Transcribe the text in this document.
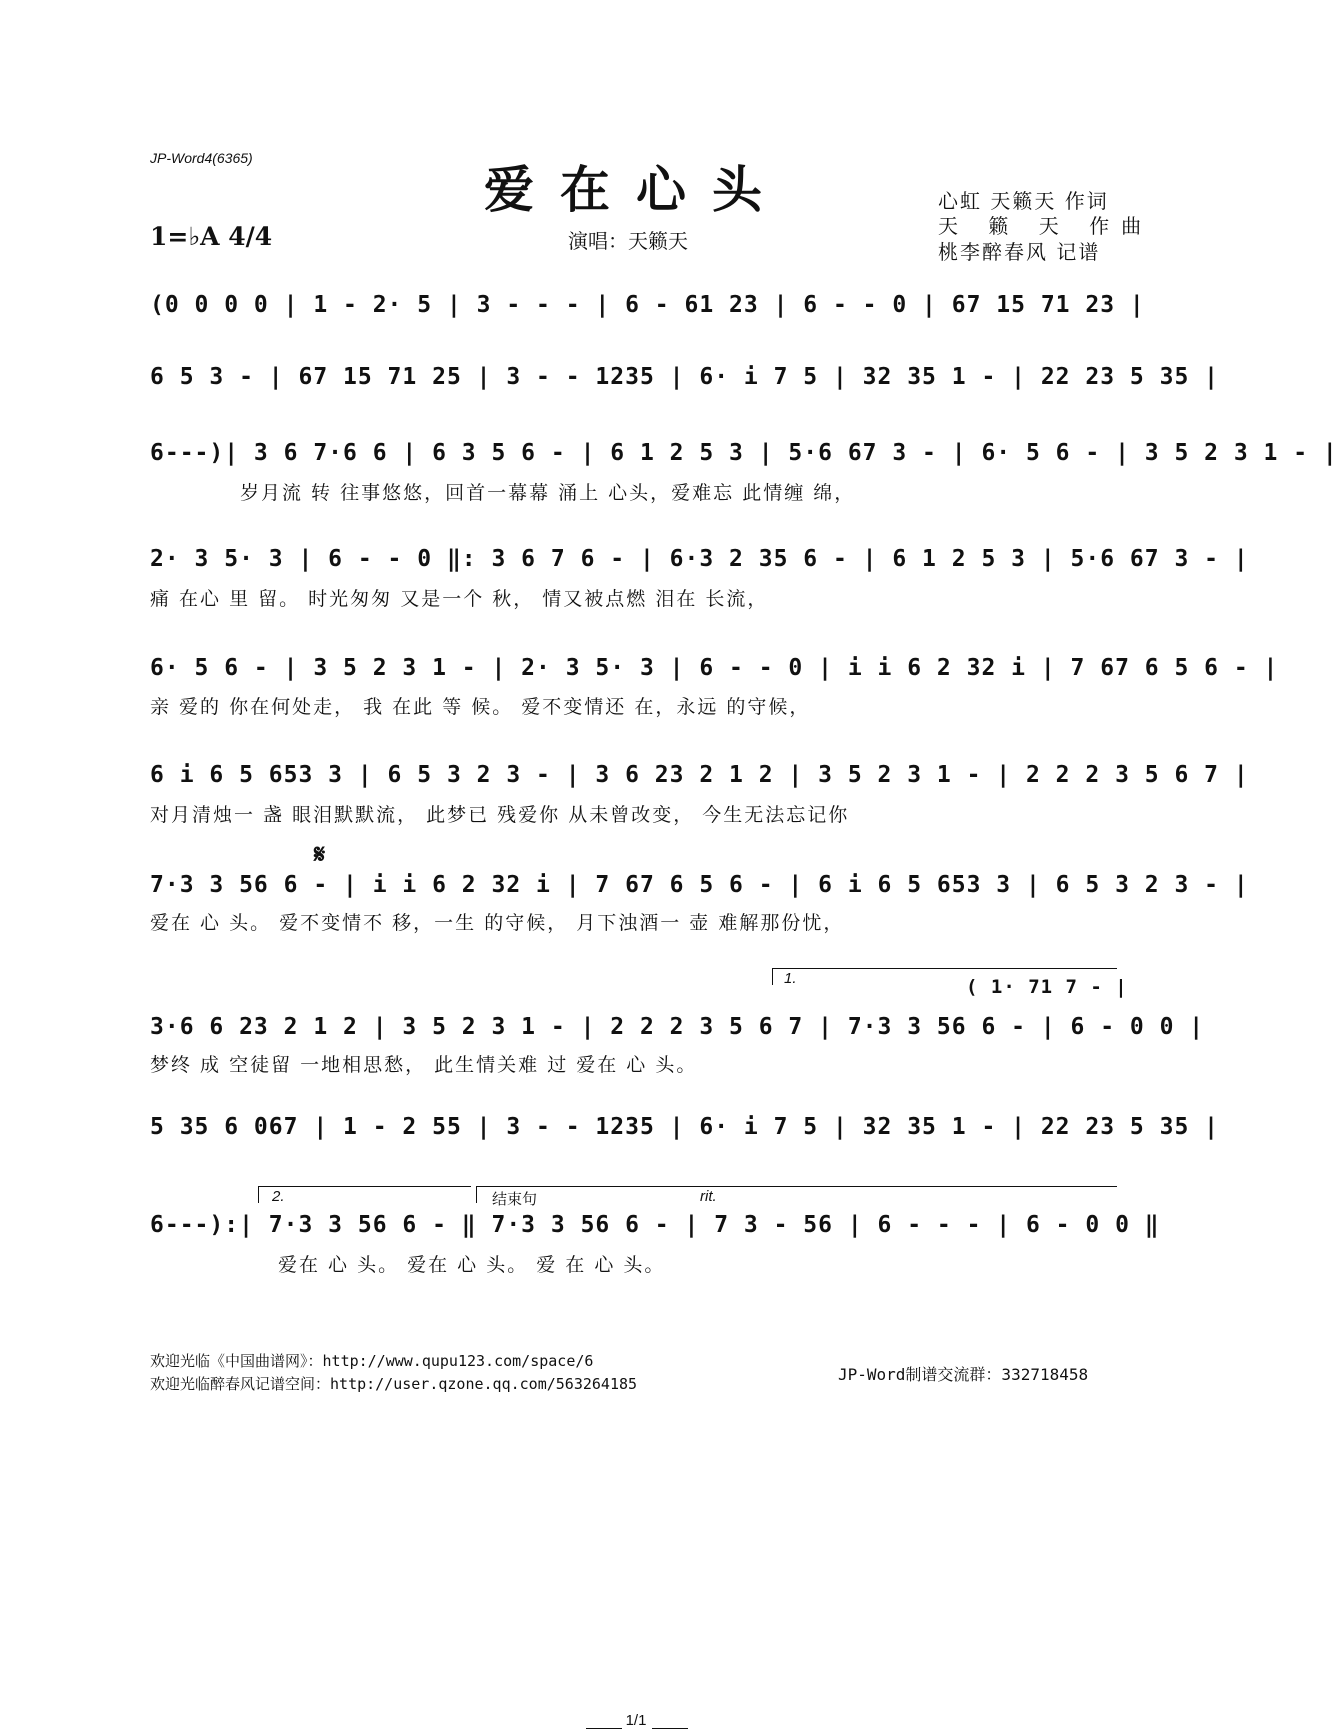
JP-Word4(6365)
爱在心头	心虹 天籁天 作词
天 籁 天 作曲
桃李醉春风 记谱
1=♭A 4/4	演唱：天籁天
(0 0 0 0 | 1 - 2· 5 | 3 - - - | 6 - 61 23 | 6 - - 0 | 67 15 71 23 |
6 5 3 - | 67 15 71 25 | 3 - - 1235 | 6· i 7 5 | 32 35 1 - | 22 23 5 35 |
6---)| 3 6 7·6 6 | 6 3 5 6 - | 6 1 2 5 3 | 5·6 67 3 - | 6· 5 6 - | 3 5 2 3 1 - |
岁月流 转 往事悠悠，回首一幕幕 涌上 心头，爱难忘 此情缠 绵，
2· 3 5· 3 | 6 - - 0 ‖: 3 6 7 6 - | 6·3 2 35 6 - | 6 1 2 5 3 | 5·6 67 3 - |
痛 在心 里 留。 时光匆匆 又是一个 秋， 情又被点燃 泪在 长流，
6· 5 6 - | 3 5 2 3 1 - | 2· 3 5· 3 | 6 - - 0 | i i 6 2 32 i | 7 67 6 5 6 - |
亲 爱的 你在何处走， 我 在此 等 候。 爱不变情还 在，永远 的守候，
6 i 6 5 653 3 | 6 5 3 2 3 - | 3 6 23 2 1 2 | 3 5 2 3 1 - | 2 2 2 3 5 6 7 |
对月清烛一 盏 眼泪默默流， 此梦已 残爱你 从未曾改变， 今生无法忘记你
𝄋
7·3 3 56 6 - | i i 6 2 32 i | 7 67 6 5 6 - | 6 i 6 5 653 3 | 6 5 3 2 3 - |
爱在 心 头。 爱不变情不 移，一生 的守候， 月下浊酒一 壶 难解那份忧，
1.	( 1· 71 7 - |
3·6 6 23 2 1 2 | 3 5 2 3 1 - | 2 2 2 3 5 6 7 | 7·3 3 56 6 - | 6 - 0 0 |
梦终 成 空徒留 一地相思愁， 此生情关难 过 爱在 心 头。
5 35 6 067 | 1 - 2 55 | 3 - - 1235 | 6· i 7 5 | 32 35 1 - | 22 23 5 35 |
2.	结束句	rit.
6---):| 7·3 3 56 6 - ‖ 7·3 3 56 6 - | 7 3 - 56 | 6 - - - | 6 - 0 0 ‖
爱在 心 头。 爱在 心 头。 爱 在 心 头。
欢迎光临《中国曲谱网》：http://www.qupu123.com/space/6
欢迎光临醉春风记谱空间：http://user.qzone.qq.com/563264185	JP-Word制谱交流群：332718458
1/1
